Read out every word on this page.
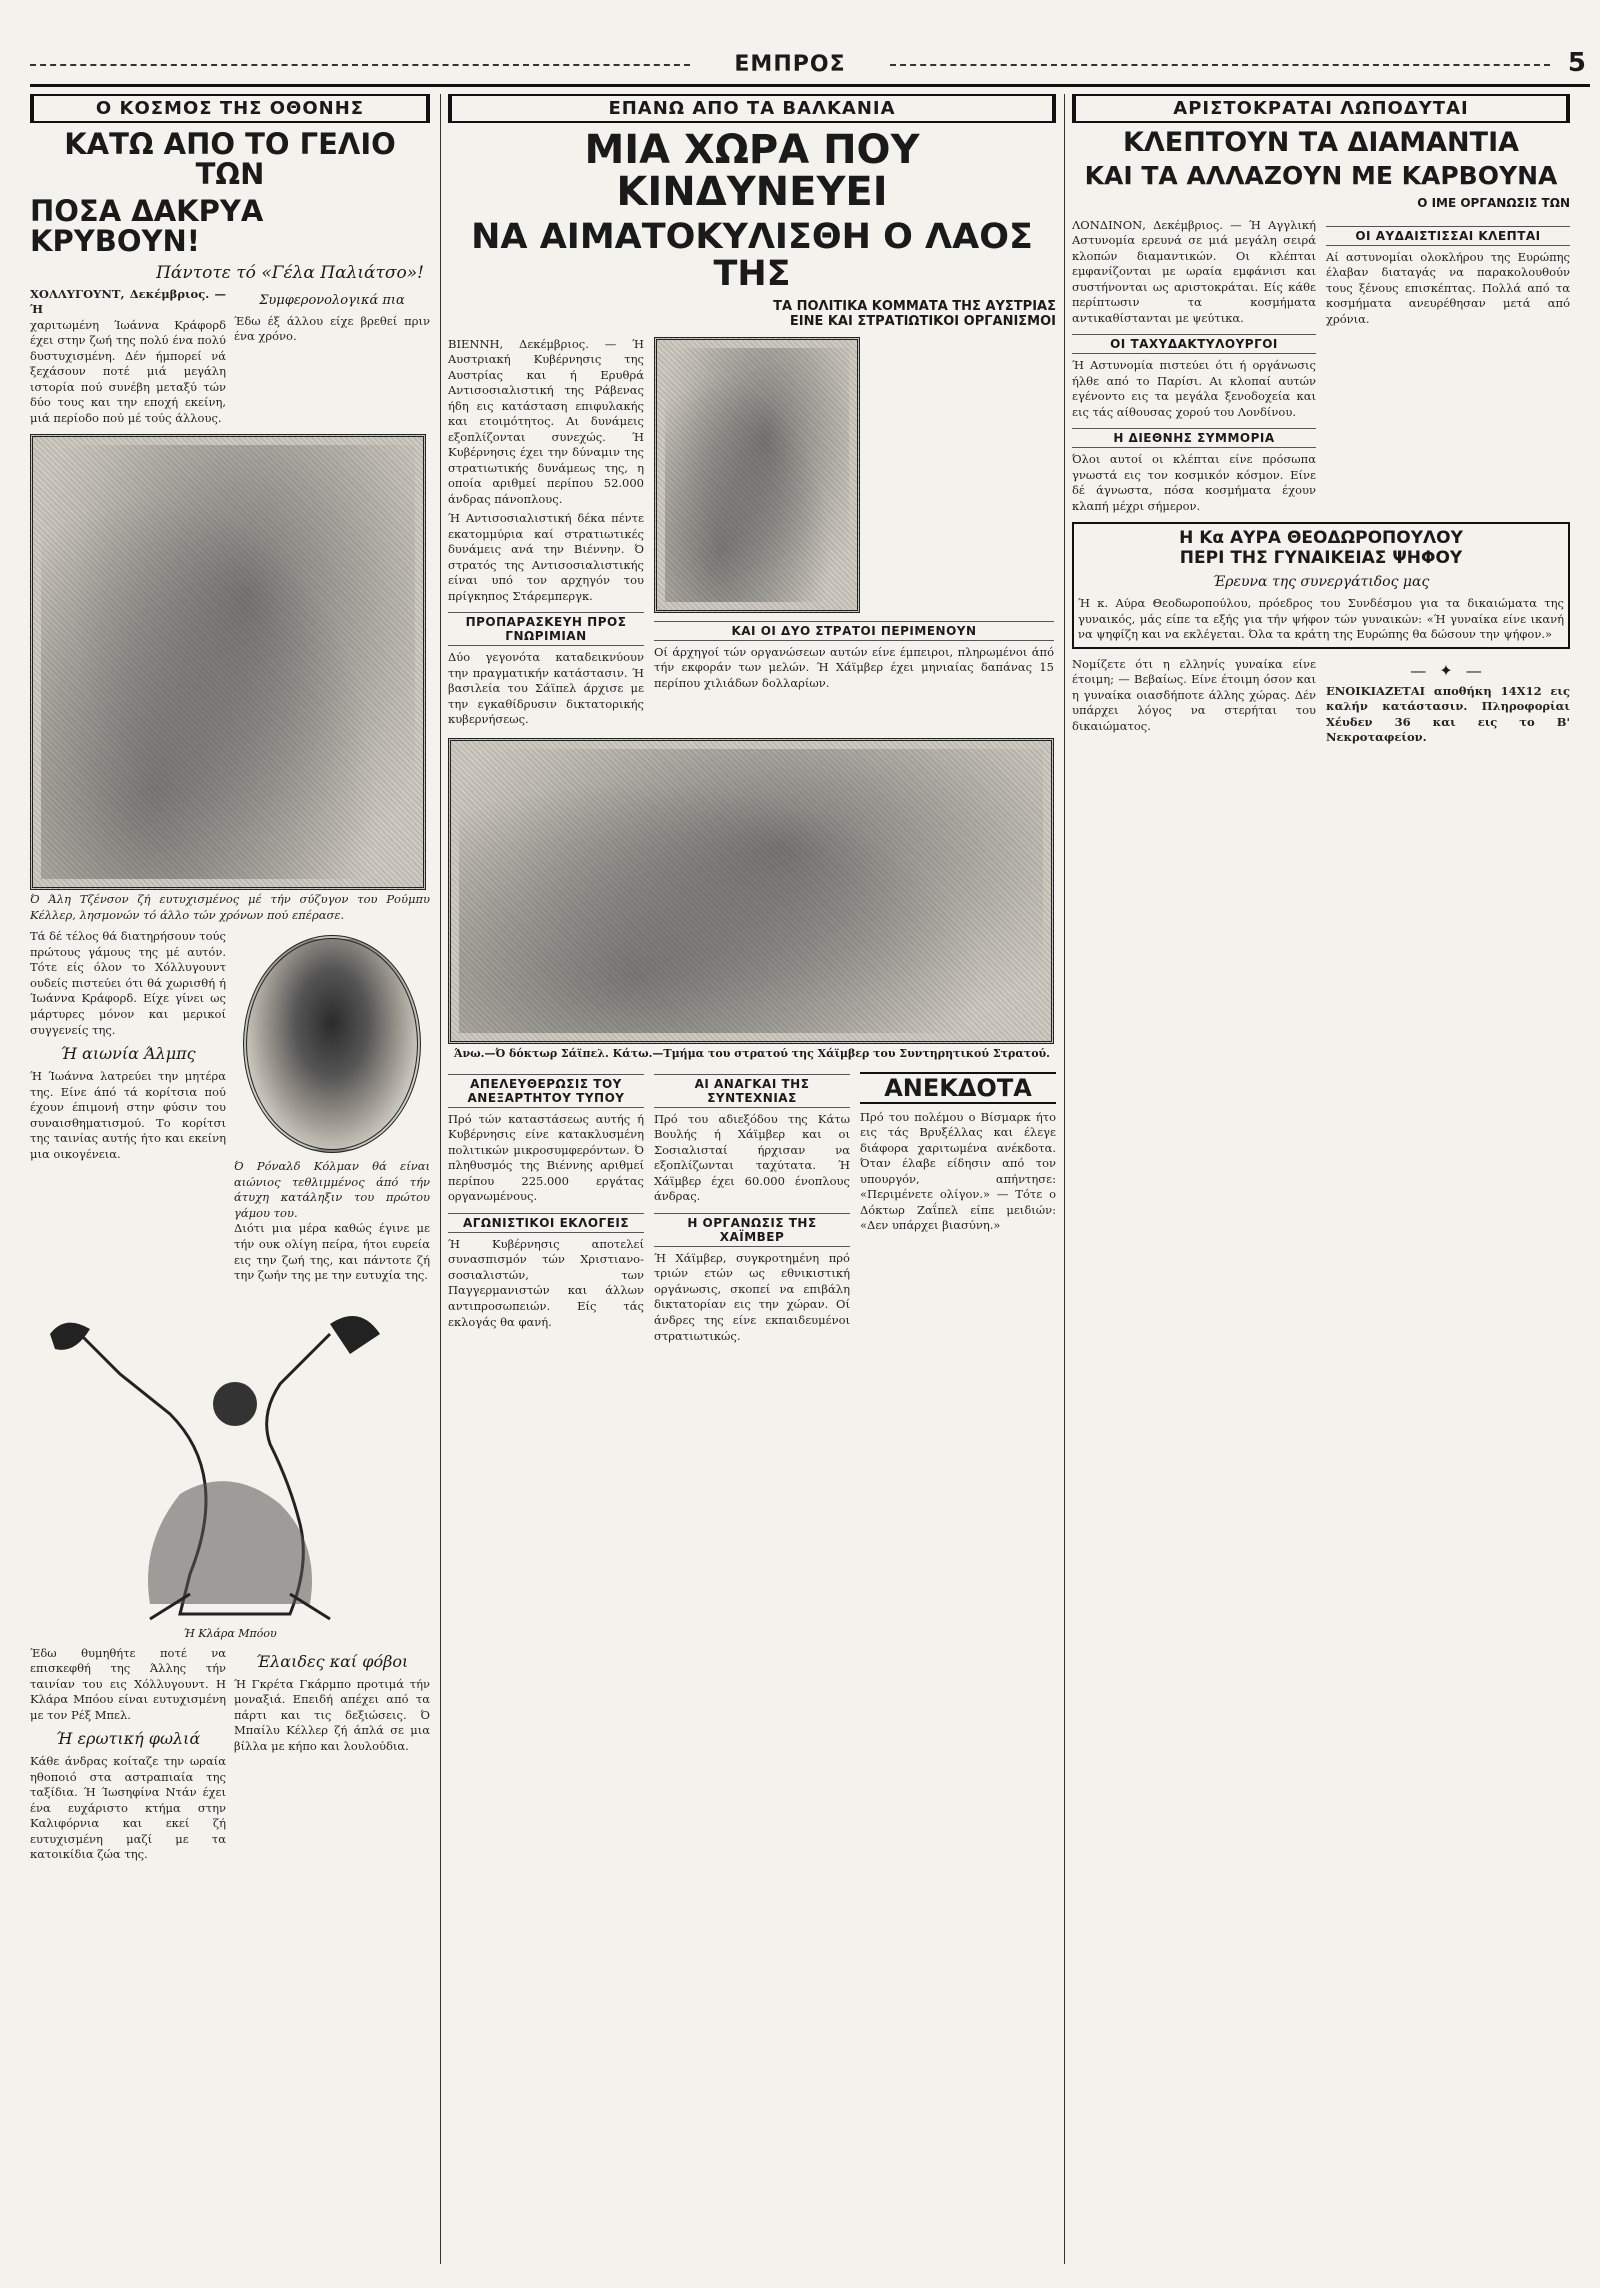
ΕΜΠΡΟΣ	5
Ο ΚΟΣΜΟΣ ΤΗΣ ΟΘΟΝΗΣ
ΚΑΤΩ ΑΠΟ ΤΟ ΓΕΛΙΟ ΤΩΝ
ΠΟΣΑ ΔΑΚΡΥΑ ΚΡΥΒΟΥΝ!
Πάντοτε τό «Γέλα Παλιάτσο»!

ΧΟΛΛΥΓΟΥΝΤ, Δεκέμβριος. — Ή

χαριτωμένη Ίωάννα Κράφορδ έχει στην ζωή της πολύ ένα πολύ δυστυχισμένη. Δέν ήμπορεί νά ξεχάσουν ποτέ μιά μεγάλη ιστορία πού συνέβη μεταξύ τών δύο τους και την εποχή εκείνη, μιά περίοδο πού μέ τούς άλλους.

Συμφερονολογικά πια

Έδω έξ άλλου είχε βρεθεί πριν ένα χρόνο.

Ό Άλη Τζένσον ζή ευτυχισμένος μέ τήν σύζυγον του Ρούμπυ Κέλλερ, λησμονών τό άλλο τών χρόνων πού επέρασε.

Τά δέ τέλος θά διατηρήσουν τούς πρώτους γάμους της μέ αυτόν. Τότε είς όλον το Χόλλυγουντ ουδείς πιστεύει ότι θά χωρισθή ή Ίωάννα Κράφορδ. Είχε γίνει ως μάρτυρες μόνον και μερικοί συγγενείς της.

Ή αιωνία Άλμπς

Ή Ίωάννα λατρεύει την μητέρα της. Είνε άπό τά κορίτσια πού έχουν έπιμονή στην φύσιν του συναισθηματισμού. Το κορίτσι της ταινίας αυτής ήτο και εκείνη μια οικογένεια.

Ό Ρόναλδ Κόλμαν θά είναι αιώνιος τεθλιμμένος άπό τήν άτυχη κατάληξιν του πρώτου γάμου του.

Διότι μια μέρα καθώς έγινε με τήν ουκ ολίγη πείρα, ήτοι ευρεία εις την ζωή της, και πάντοτε ζή την ζωήν της με την ευτυχία της.

Ή Κλάρα Μπόου

Έδω θυμηθήτε ποτέ να επισκεφθή της Άλλης τήν ταινίαν του εις Χόλλυγουντ. Η Κλάρα Μπόου είναι ευτυχισμένη με τον Ρέξ Μπελ.

Ή ερωτική φωλιά

Κάθε άνδρας κοίταζε την ωραία ηθοποιό στα αστραπιαία της ταξίδια. Ή Ίωσηφίνα Ντάν έχει ένα ευχάριστο κτήμα στην Καλιφόρνια και εκεί ζή ευτυχισμένη μαζί με τα κατοικίδια ζώα της.

Έλαιδες καί φόβοι

Ή Γκρέτα Γκάρμπο προτιμά τήν μοναξιά. Επειδή απέχει από τα πάρτι και τις δεξιώσεις. Ό Μπαίλυ Κέλλερ ζή άπλά σε μια βίλλα με κήπο και λουλούδια.

ΕΠΑΝΩ ΑΠΟ ΤΑ ΒΑΛΚΑΝΙΑ
ΜΙΑ ΧΩΡΑ ΠΟΥ ΚΙΝΔΥΝΕΥΕΙ
ΝΑ ΑΙΜΑΤΟΚΥΛΙΣΘΗ Ο ΛΑΟΣ ΤΗΣ
ΤΑ ΠΟΛΙΤΙΚΑ ΚΟΜΜΑΤΑ ΤΗΣ ΑΥΣΤΡΙΑΣ
ΕΙΝΕ ΚΑΙ ΣΤΡΑΤΙΩΤΙΚΟΙ ΟΡΓΑΝΙΣΜΟΙ

ΒΙΕΝΝΗ, Δεκέμβριος. — Ή Αυστριακή Κυβέρνησις της Αυστρίας και ή Ερυθρά Αντισοσιαλιστική της Ράβενας ήδη εις κατάσταση επιφυλακής και ετοιμότητος. Αι δυνάμεις εξοπλίζονται συνεχώς. Ή Κυβέρνησις έχει την δύναμιν της στρατιωτικής δυνάμεως της, η οποία αριθμεί περίπου 52.000 άνδρας πάνοπλους.

Ή Αντισοσιαλιστική δέκα πέντε εκατομμύρια καί στρατιωτικές δυνάμεις ανά την Βιέννην. Ό στρατός της Αντισοσιαλιστικής είναι υπό τον αρχηγόν του πρίγκηπος Στάρεμπεργκ.

ΠΡΟΠΑΡΑΣΚΕΥΗ ΠΡΟΣ ΓΝΩΡΙΜΙΑΝ

Δύο γεγονότα καταδεικνύουν την πραγματικήν κατάστασιν. Ή βασιλεία του Σάϊπελ άρχισε με την εγκαθίδρυσιν δικτατορικής κυβερνήσεως.

ΚΑΙ ΟΙ ΔΥΟ ΣΤΡΑΤΟΙ ΠΕΡΙΜΕΝΟΥΝ

Οί άρχηγοί τών οργανώσεων αυτών είνε έμπειροι, πληρωμένοι άπό τήν εκφοράν των μελών. Ή Χάϊμβερ έχει μηνιαίας δαπάνας 15 περίπου χιλιάδων δολλαρίων.

Άνω.—Ό δόκτωρ Σάϊπελ. Κάτω.—Τμήμα του στρατού της Χάϊμβερ του Συντηρητικού Στρατού.
ΑΠΕΛΕΥΘΕΡΩΣΙΣ ΤΟΥ ΑΝΕΞΑΡΤΗΤΟΥ ΤΥΠΟΥ

Πρό τών καταστάσεως αυτής ή Κυβέρνησις είνε κατακλυσμένη πολιτικών μικροσυμφερόντων. Ό πληθυσμός της Βιέννης αριθμεί περίπου 225.000 εργάτας οργανωμένους.

ΑΓΩΝΙΣΤΙΚΟΙ ΕΚΛΟΓΕΙΣ

Ή Κυβέρνησις αποτελεί συνασπισμόν τών Χριστιανο-σοσιαλιστών, των Παγγερμανιστών και άλλων αντιπροσωπειών. Είς τάς εκλογάς θα φανή.

ΑΙ ΑΝΑΓΚΑΙ ΤΗΣ ΣΥΝΤΕΧΝΙΑΣ

Πρό του αδιεξόδου της Κάτω Βουλής ή Χάϊμβερ και οι Σοσιαλισταί ήρχισαν να εξοπλίζωνται ταχύτατα. Ή Χάϊμβερ έχει 60.000 ένοπλους άνδρας.

Η ΟΡΓΑΝΩΣΙΣ ΤΗΣ ΧΑΪΜΒΕΡ

Ή Χάϊμβερ, συγκροτημένη πρό τριών ετών ως εθνικιστική οργάνωσις, σκοπεί να επιβάλη δικτατορίαν εις την χώραν. Οί άνδρες της είνε εκπαιδευμένοι στρατιωτικώς.

ΑΝΕΚΔΟΤΑ

Πρό του πολέμου ο Βίσμαρκ ήτο εις τάς Βρυξέλλας και έλεγε διάφορα χαριτωμένα ανέκδοτα. Όταν έλαβε είδησιν από τον υπουργόν, απήντησε: «Περιμένετε ολίγον.» — Τότε ο Δόκτωρ Ζαΐπελ είπε μειδιών: «Δεν υπάρχει βιασύνη.»

ΑΡΙΣΤΟΚΡΑΤΑΙ ΛΩΠΟΔΥΤΑΙ
ΚΛΕΠΤΟΥΝ ΤΑ ΔΙΑΜΑΝΤΙΑ
ΚΑΙ ΤΑ ΑΛΛΑΖΟΥΝ ΜΕ ΚΑΡΒΟΥΝΑ
Ο ΙΜΕ ΟΡΓΑΝΩΣΙΣ ΤΩΝ

ΛΟΝΔΙΝΟΝ, Δεκέμβριος. — Ή Αγγλική Αστυνομία ερευνά σε μιά μεγάλη σειρά κλοπών διαμαντικών. Οι κλέπται εμφανίζονται με ωραία εμφάνισι και συστήνονται ως αριστοκράται. Είς κάθε περίπτωσιν τα κοσμήματα αντικαθίστανται με ψεύτικα.

ΟΙ ΤΑΧΥΔΑΚΤΥΛΟΥΡΓΟΙ

Ή Αστυνομία πιστεύει ότι ή οργάνωσις ήλθε από το Παρίσι. Αι κλοπαί αυτών εγένοντο εις τα μεγάλα ξενοδοχεία και εις τάς αίθουσας χορού του Λονδίνου.

Η ΔΙΕΘΝΗΣ ΣΥΜΜΟΡΙΑ

Όλοι αυτοί οι κλέπται είνε πρόσωπα γνωστά εις τον κοσμικόν κόσμον. Είνε δέ άγνωστα, πόσα κοσμήματα έχουν κλαπή μέχρι σήμερον.

ΟΙ ΑΥΔΑΙΣΤΙΣΣΑΙ ΚΛΕΠΤΑΙ

Αί αστυνομίαι ολοκλήρου της Ευρώπης έλαβαν διαταγάς να παρακολουθούν τους ξένους επισκέπτας. Πολλά από τα κοσμήματα ανευρέθησαν μετά από χρόνια.

Η Κα ΑΥΡΑ ΘΕΟΔΩΡΟΠΟΥΛΟΥ
ΠΕΡΙ ΤΗΣ ΓΥΝΑΙΚΕΙΑΣ ΨΗΦΟΥ
Έρευνα της συνεργάτιδος μας

Ή κ. Αύρα Θεοδωροπούλου, πρόεδρος του Συνδέσμου για τα δικαιώματα της γυναικός, μάς είπε τα εξής για τήν ψήφον τών γυναικών: «Ή γυναίκα είνε ικανή να ψηφίζη και να εκλέγεται. Όλα τα κράτη της Ευρώπης θα δώσουν την ψήφον.»

Νομίζετε ότι η ελληνίς γυναίκα είνε έτοιμη; — Βεβαίως. Είνε έτοιμη όσον και η γυναίκα οιασδήποτε άλλης χώρας. Δέν υπάρχει λόγος να στερήται του δικαιώματος.

— ✦ —

ΕΝΟΙΚΙΑΖΕΤΑΙ αποθήκη 14Χ12 εις καλήν κατάστασιν. Πληροφορίαι Χέυδεν 36 και εις το Β' Νεκροταφείον.
